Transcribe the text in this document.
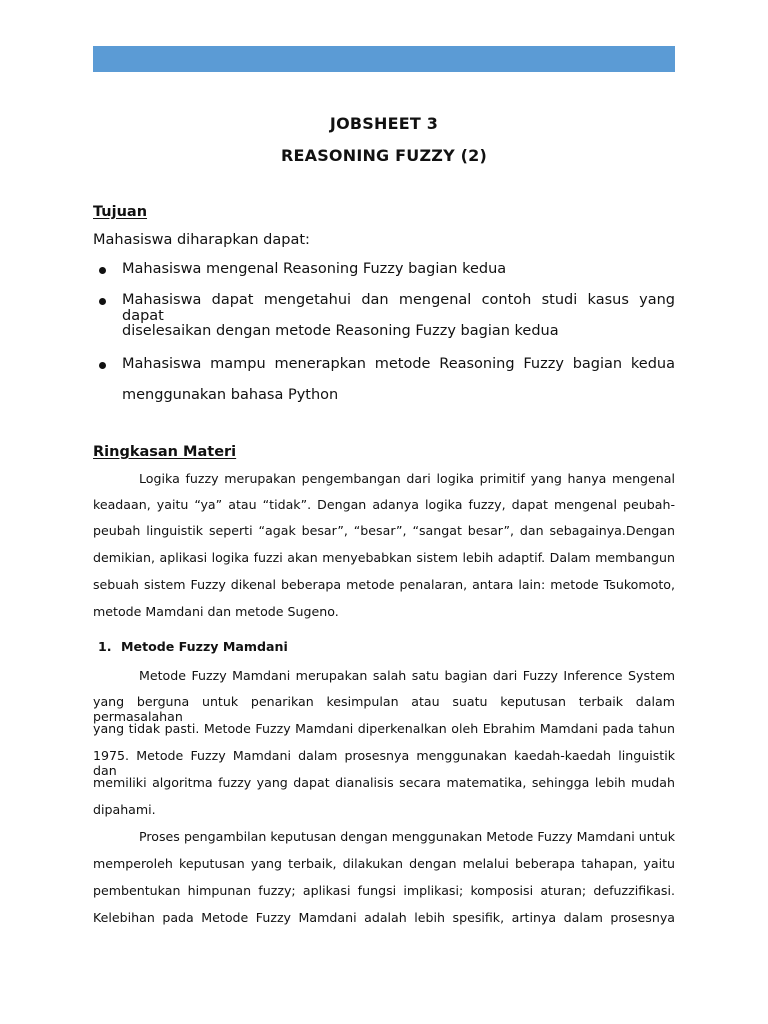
JOBSHEET 3
REASONING FUZZY (2)
Tujuan
Mahasiswa diharapkan dapat:
Mahasiswa mengenal Reasoning Fuzzy bagian kedua
Mahasiswa dapat mengetahui dan mengenal contoh studi kasus yang dapat
diselesaikan dengan metode Reasoning Fuzzy bagian kedua
Mahasiswa mampu menerapkan metode Reasoning Fuzzy bagian kedua
menggunakan bahasa Python
Ringkasan Materi
Logika fuzzy merupakan pengembangan dari logika primitif yang hanya mengenal
keadaan, yaitu “ya” atau “tidak”. Dengan adanya logika fuzzy, dapat mengenal peubah-
peubah linguistik seperti “agak besar”, “besar”, “sangat besar”, dan sebagainya.Dengan
demikian, aplikasi logika fuzzi akan menyebabkan sistem lebih adaptif. Dalam membangun
sebuah sistem Fuzzy dikenal beberapa metode penalaran, antara lain: metode Tsukomoto,
metode Mamdani dan metode Sugeno.
1. Metode Fuzzy Mamdani
Metode Fuzzy Mamdani merupakan salah satu bagian dari Fuzzy Inference System
yang berguna untuk penarikan kesimpulan atau suatu keputusan terbaik dalam permasalahan
yang tidak pasti. Metode Fuzzy Mamdani diperkenalkan oleh Ebrahim Mamdani pada tahun
1975. Metode Fuzzy Mamdani dalam prosesnya menggunakan kaedah-kaedah linguistik dan
memiliki algoritma fuzzy yang dapat dianalisis secara matematika, sehingga lebih mudah
dipahami.
Proses pengambilan keputusan dengan menggunakan Metode Fuzzy Mamdani untuk
memperoleh keputusan yang terbaik, dilakukan dengan melalui beberapa tahapan, yaitu
pembentukan himpunan fuzzy; aplikasi fungsi implikasi; komposisi aturan; defuzzifikasi.
Kelebihan pada Metode Fuzzy Mamdani adalah lebih spesifik, artinya dalam prosesnya
